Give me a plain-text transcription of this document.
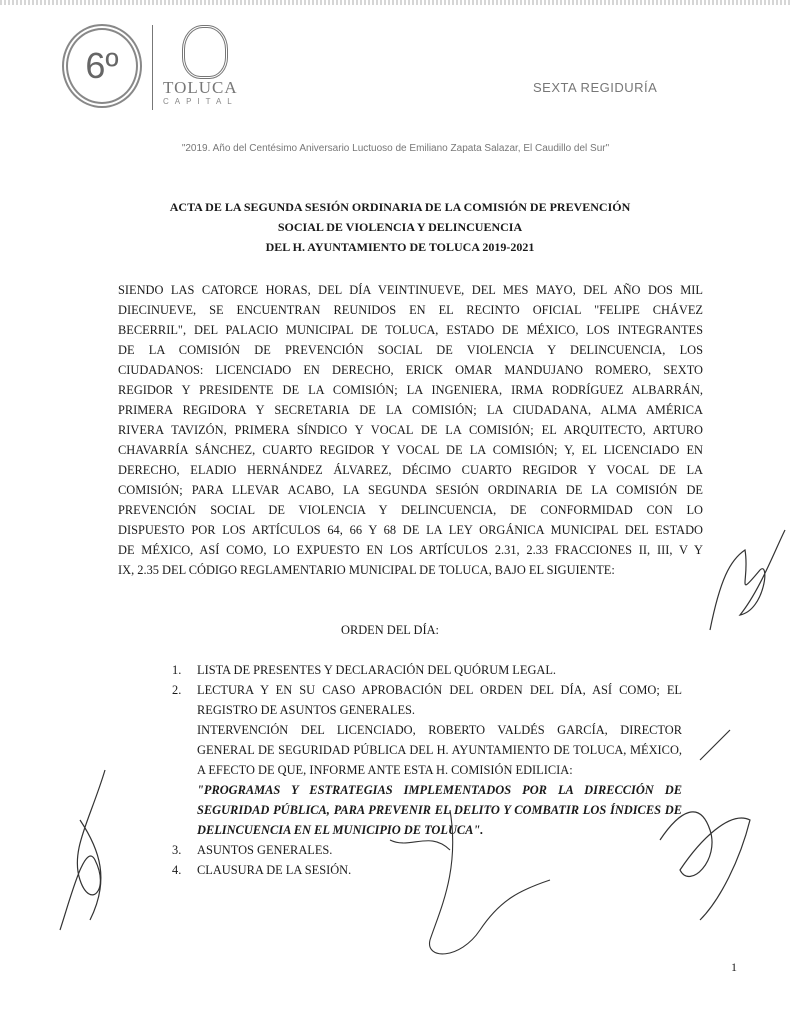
6º
TOLUCA
CAPITAL
SEXTA REGIDURÍA
"2019. Año del Centésimo Aniversario Luctuoso de Emiliano Zapata Salazar, El Caudillo del Sur"
ACTA DE LA SEGUNDA SESIÓN ORDINARIA DE LA COMISIÓN DE PREVENCIÓN
SOCIAL DE VIOLENCIA Y DELINCUENCIA
DEL H. AYUNTAMIENTO DE TOLUCA 2019-2021
SIENDO LAS CATORCE HORAS, DEL DÍA VEINTINUEVE, DEL MES MAYO, DEL AÑO DOS MIL
DIECINUEVE, SE ENCUENTRAN REUNIDOS EN EL RECINTO OFICIAL "FELIPE CHÁVEZ
BECERRIL", DEL PALACIO MUNICIPAL DE TOLUCA, ESTADO DE MÉXICO, LOS INTEGRANTES
DE LA COMISIÓN DE PREVENCIÓN SOCIAL DE VIOLENCIA Y DELINCUENCIA, LOS
CIUDADANOS: LICENCIADO EN DERECHO, ERICK OMAR MANDUJANO ROMERO, SEXTO
REGIDOR Y PRESIDENTE DE LA COMISIÓN; LA INGENIERA, IRMA RODRÍGUEZ ALBARRÁN,
PRIMERA REGIDORA Y SECRETARIA DE LA COMISIÓN; LA CIUDADANA, ALMA AMÉRICA
RIVERA TAVIZÓN, PRIMERA SÍNDICO Y VOCAL DE LA COMISIÓN; EL ARQUITECTO, ARTURO
CHAVARRÍA SÁNCHEZ, CUARTO REGIDOR Y VOCAL DE LA COMISIÓN; Y, EL LICENCIADO EN
DERECHO, ELADIO HERNÁNDEZ ÁLVAREZ, DÉCIMO CUARTO REGIDOR Y VOCAL DE LA
COMISIÓN; PARA LLEVAR ACABO, LA SEGUNDA SESIÓN ORDINARIA DE LA COMISIÓN DE
PREVENCIÓN SOCIAL DE VIOLENCIA Y DELINCUENCIA, DE CONFORMIDAD CON LO
DISPUESTO POR LOS ARTÍCULOS 64, 66 Y 68 DE LA LEY ORGÁNICA MUNICIPAL DEL ESTADO
DE MÉXICO, ASÍ COMO, LO EXPUESTO EN LOS ARTÍCULOS 2.31, 2.33 FRACCIONES II, III, V Y
IX, 2.35 DEL CÓDIGO REGLAMENTARIO MUNICIPAL DE TOLUCA, BAJO EL SIGUIENTE:
ORDEN DEL DÍA:
1.	LISTA DE PRESENTES Y DECLARACIÓN DEL QUÓRUM LEGAL.
2.	LECTURA Y EN SU CASO APROBACIÓN DEL ORDEN DEL DÍA, ASÍ COMO; EL REGISTRO DE ASUNTOS GENERALES.
INTERVENCIÓN DEL LICENCIADO, ROBERTO VALDÉS GARCÍA, DIRECTOR GENERAL DE SEGURIDAD PÚBLICA DEL H. AYUNTAMIENTO DE TOLUCA, MÉXICO, A EFECTO DE QUE, INFORME ANTE ESTA H. COMISIÓN EDILICIA:
"PROGRAMAS Y ESTRATEGIAS IMPLEMENTADOS POR LA DIRECCIÓN DE SEGURIDAD PÚBLICA, PARA PREVENIR EL DELITO Y COMBATIR LOS ÍNDICES DE DELINCUENCIA EN EL MUNICIPIO DE TOLUCA".
3.	ASUNTOS GENERALES.
4.	CLAUSURA DE LA SESIÓN.
1
